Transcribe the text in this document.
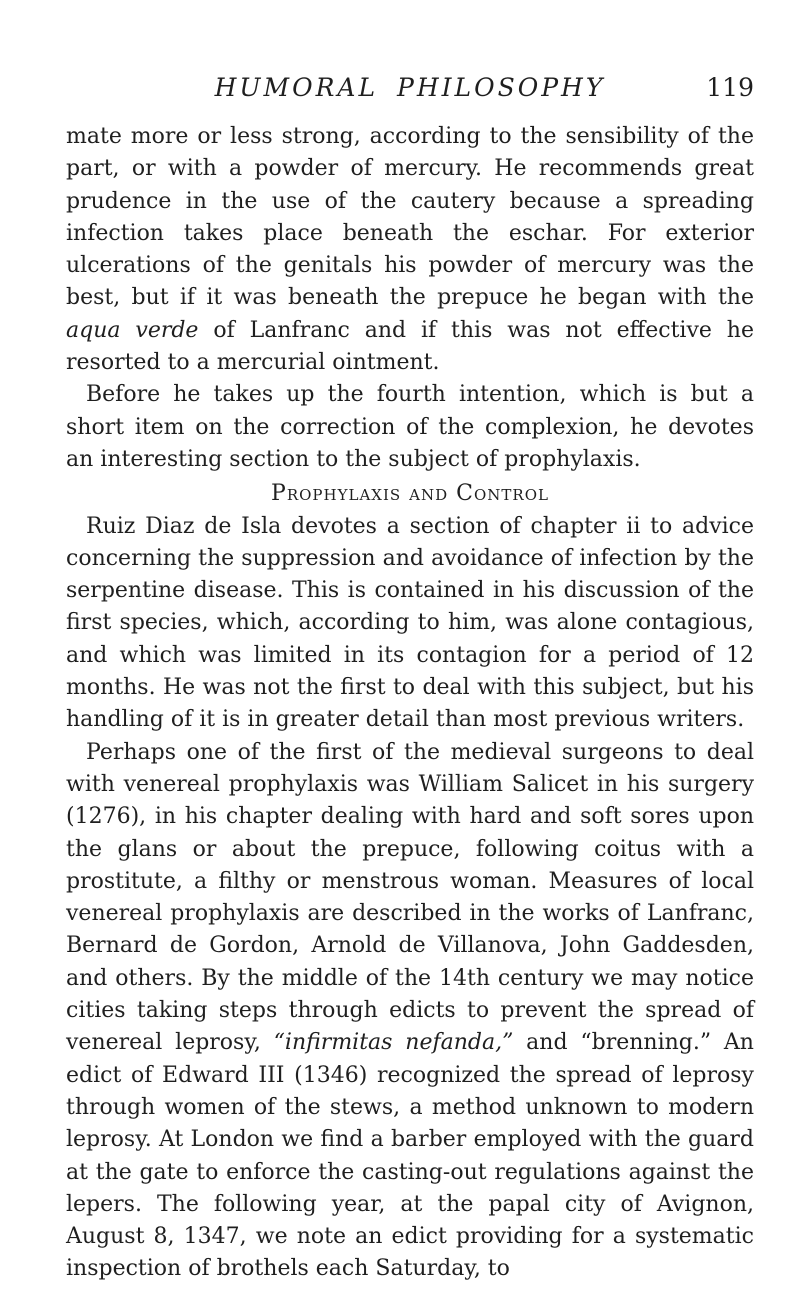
HUMORAL PHILOSOPHY	119

mate more or less strong, according to the sensibility of the part, or with a powder of mercury. He recommends great prudence in the use of the cautery because a spreading infection takes place beneath the eschar. For exterior ulcerations of the genitals his powder of mercury was the best, but if it was beneath the prepuce he began with the aqua verde of Lanfranc and if this was not effective he resorted to a mercurial ointment.

Before he takes up the fourth intention, which is but a short item on the correction of the complexion, he devotes an interesting section to the subject of prophylaxis.

Prophylaxis and Control

Ruiz Diaz de Isla devotes a section of chapter ii to advice concerning the suppression and avoidance of infection by the serpentine disease. This is contained in his discussion of the first species, which, according to him, was alone contagious, and which was limited in its contagion for a period of 12 months. He was not the first to deal with this subject, but his handling of it is in greater detail than most previous writers.

Perhaps one of the first of the medieval surgeons to deal with venereal prophylaxis was William Salicet in his surgery (1276), in his chapter dealing with hard and soft sores upon the glans or about the prepuce, following coitus with a prostitute, a filthy or menstrous woman. Measures of local venereal prophylaxis are described in the works of Lanfranc, Bernard de Gordon, Arnold de Villanova, John Gaddesden, and others. By the middle of the 14th century we may notice cities taking steps through edicts to prevent the spread of venereal leprosy, “infirmitas nefanda,” and “brenning.” An edict of Edward III (1346) recognized the spread of leprosy through women of the stews, a method unknown to modern leprosy. At London we find a barber employed with the guard at the gate to enforce the casting-out regulations against the lepers. The following year, at the papal city of Avignon, August 8, 1347, we note an edict providing for a systematic inspection of brothels each Saturday, to
